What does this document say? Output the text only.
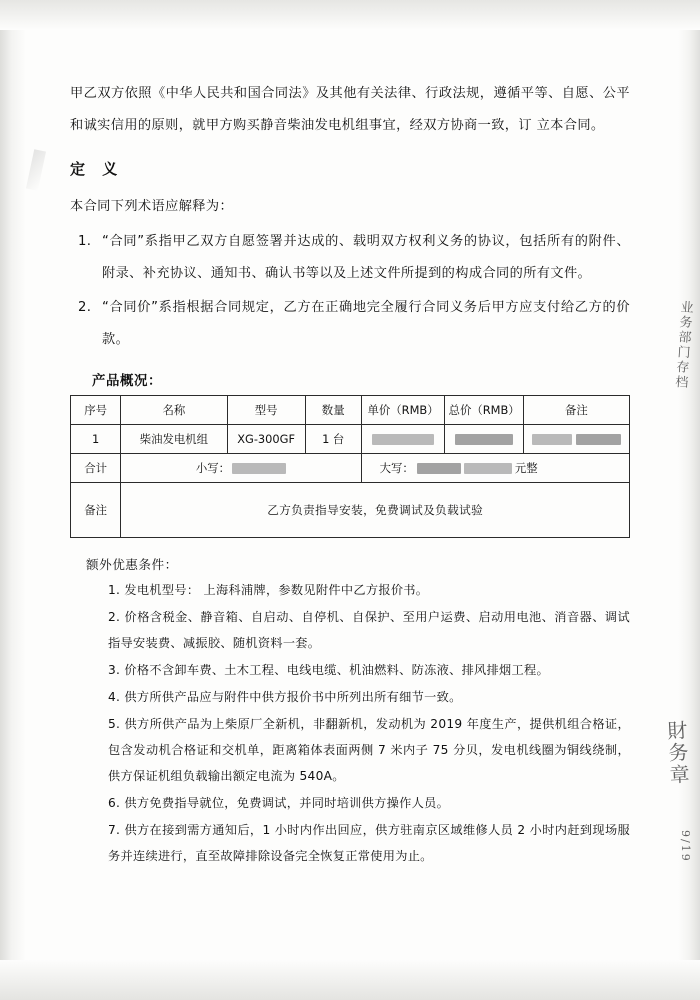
甲乙双方依照《中华人民共和国合同法》及其他有关法律、行政法规，遵循平等、自愿、公平和诚实信用的原则，就甲方购买静音柴油发电机组事宜，经双方协商一致，订 立本合同。

定 义

本合同下列术语应解释为：

1. “合同”系指甲乙双方自愿签署并达成的、载明双方权利义务的协议，包括所有的附件、附录、补充协议、通知书、确认书等以及上述文件所提到的构成合同的所有文件。
2. “合同价”系指根据合同规定，乙方在正确地完全履行合同义务后甲方应支付给乙方的价款。
产品概况：
序号	名称	型号	数量	单价（RMB）	总价（RMB）	备注
1	柴油发电机组	XG-300GF	1 台	

合计	小写：			大写： 元整		
备注	乙方负责指导安装，免费调试及负载试验					
额外优惠条件：
1. 发电机型号： 上海科浦牌，参数见附件中乙方报价书。
2. 价格含税金、静音箱、自启动、自停机、自保护、至用户运费、启动用电池、消音器、调试指导安装费、减振胶、随机资料一套。
3. 价格不含卸车费、土木工程、电线电缆、机油燃料、防冻液、排风排烟工程。
4. 供方所供产品应与附件中供方报价书中所列出所有细节一致。
5. 供方所供产品为上柴原厂全新机，非翻新机，发动机为 2019 年度生产，提供机组合格证，包含发动机合格证和交机单，距离箱体表面两侧 7 米内子 75 分贝，发电机线圈为铜线绕制，供方保证机组负载输出额定电流为 540A。
6. 供方免费指导就位，免费调试，并同时培训供方操作人员。
7. 供方在接到需方通知后，1 小时内作出回应，供方驻南京区域维修人员 2 小时内赶到现场服务并连续进行，直至故障排除设备完全恢复正常使用为止。
业务部门存档
財务章
9/19
